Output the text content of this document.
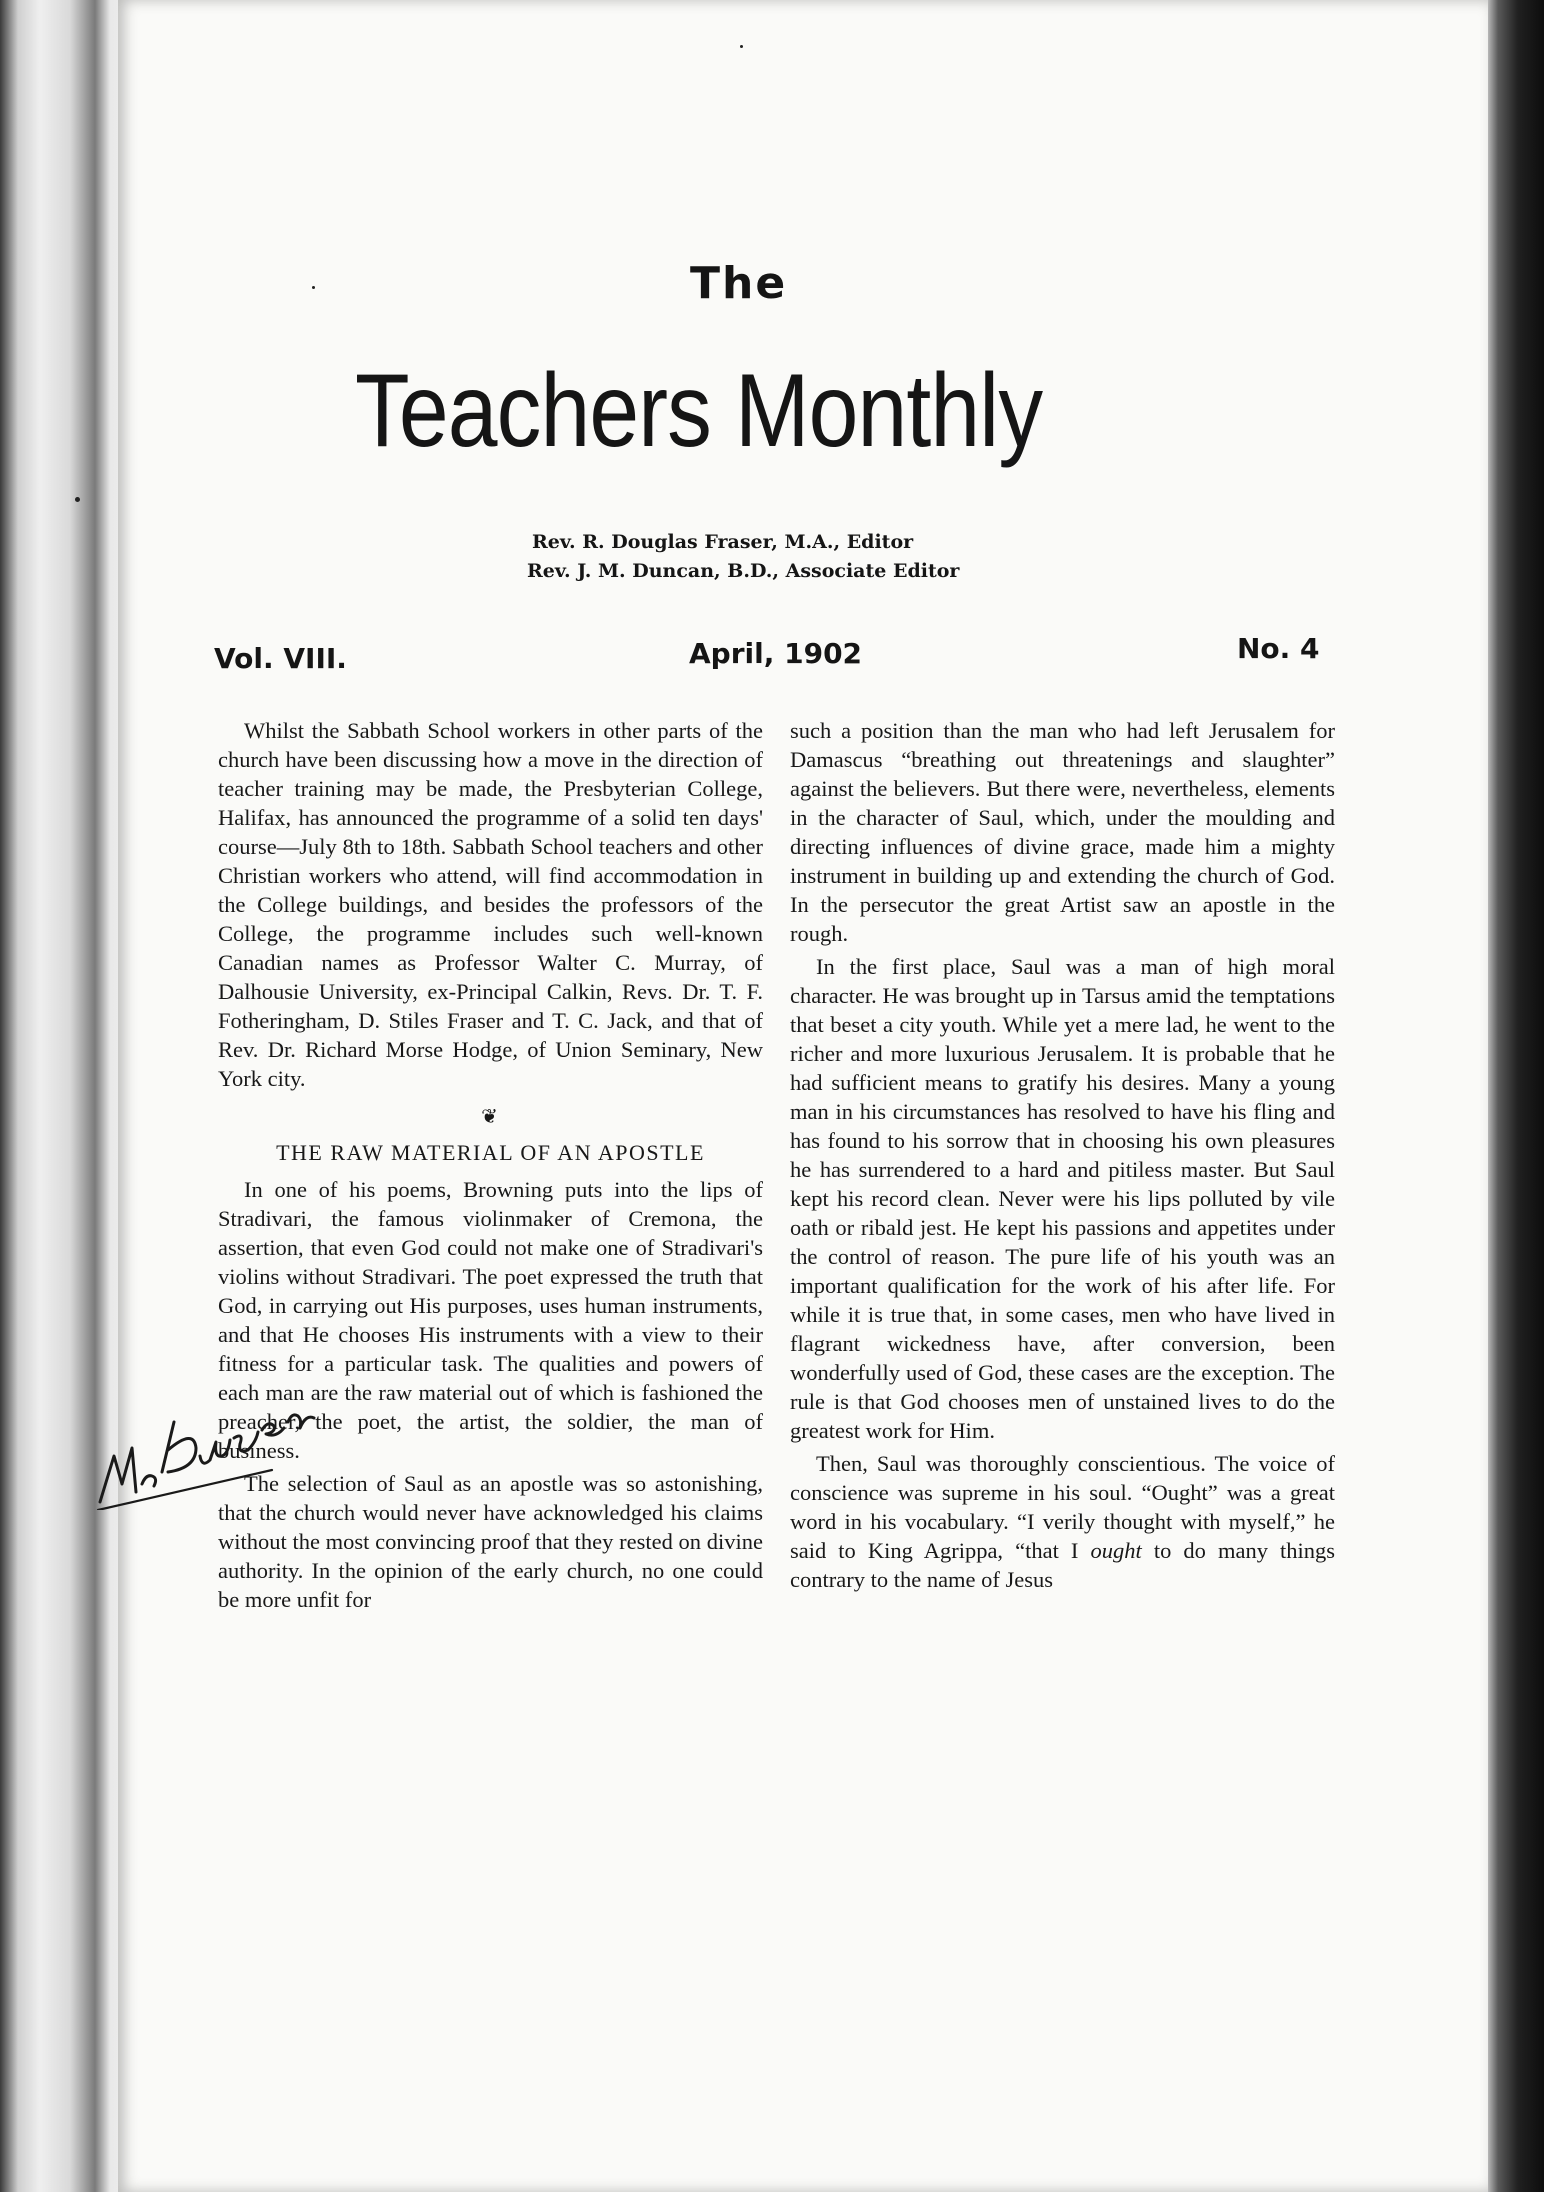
The
Teachers Monthly
Rev. R. Douglas Fraser, M.A., Editor
Rev. J. M. Duncan, B.D., Associate Editor
Vol. VIII.	April, 1902	No. 4

Whilst the Sabbath School workers in other parts of the church have been discussing how a move in the direction of teacher training may be made, the Presbyterian College, Halifax, has announced the programme of a solid ten days' course—July 8th to 18th. Sabbath School teachers and other Christian workers who attend, will find accommodation in the College buildings, and besides the professors of the College, the programme includes such well-known Canadian names as Professor Walter C. Murray, of Dalhousie University, ex-Principal Calkin, Revs. Dr. T. F. Fotheringham, D. Stiles Fraser and T. C. Jack, and that of Rev. Dr. Richard Morse Hodge, of Union Seminary, New York city.

❦
THE RAW MATERIAL OF AN APOSTLE

In one of his poems, Browning puts into the lips of Stradivari, the famous violinmaker of Cremona, the assertion, that even God could not make one of Stradivari's violins without Stradivari. The poet expressed the truth that God, in carrying out His purposes, uses human instruments, and that He chooses His instruments with a view to their fitness for a particular task. The qualities and powers of each man are the raw material out of which is fashioned the preacher, the poet, the artist, the soldier, the man of business.

The selection of Saul as an apostle was so astonishing, that the church would never have acknowledged his claims without the most convincing proof that they rested on divine authority. In the opinion of the early church, no one could be more unfit for

such a position than the man who had left Jerusalem for Damascus “breathing out threatenings and slaughter” against the believers. But there were, nevertheless, elements in the character of Saul, which, under the moulding and directing influences of divine grace, made him a mighty instrument in building up and extending the church of God. In the persecutor the great Artist saw an apostle in the rough.

In the first place, Saul was a man of high moral character. He was brought up in Tarsus amid the temptations that beset a city youth. While yet a mere lad, he went to the richer and more luxurious Jerusalem. It is probable that he had sufficient means to gratify his desires. Many a young man in his circumstances has resolved to have his fling and has found to his sorrow that in choosing his own pleasures he has surrendered to a hard and pitiless master. But Saul kept his record clean. Never were his lips polluted by vile oath or ribald jest. He kept his passions and appetites under the control of reason. The pure life of his youth was an important qualification for the work of his after life. For while it is true that, in some cases, men who have lived in flagrant wickedness have, after conversion, been wonderfully used of God, these cases are the exception. The rule is that God chooses men of unstained lives to do the greatest work for Him.

Then, Saul was thoroughly conscientious. The voice of conscience was supreme in his soul. “Ought” was a great word in his vocabulary. “I verily thought with myself,” he said to King Agrippa, “that I ought to do many things contrary to the name of Jesus
